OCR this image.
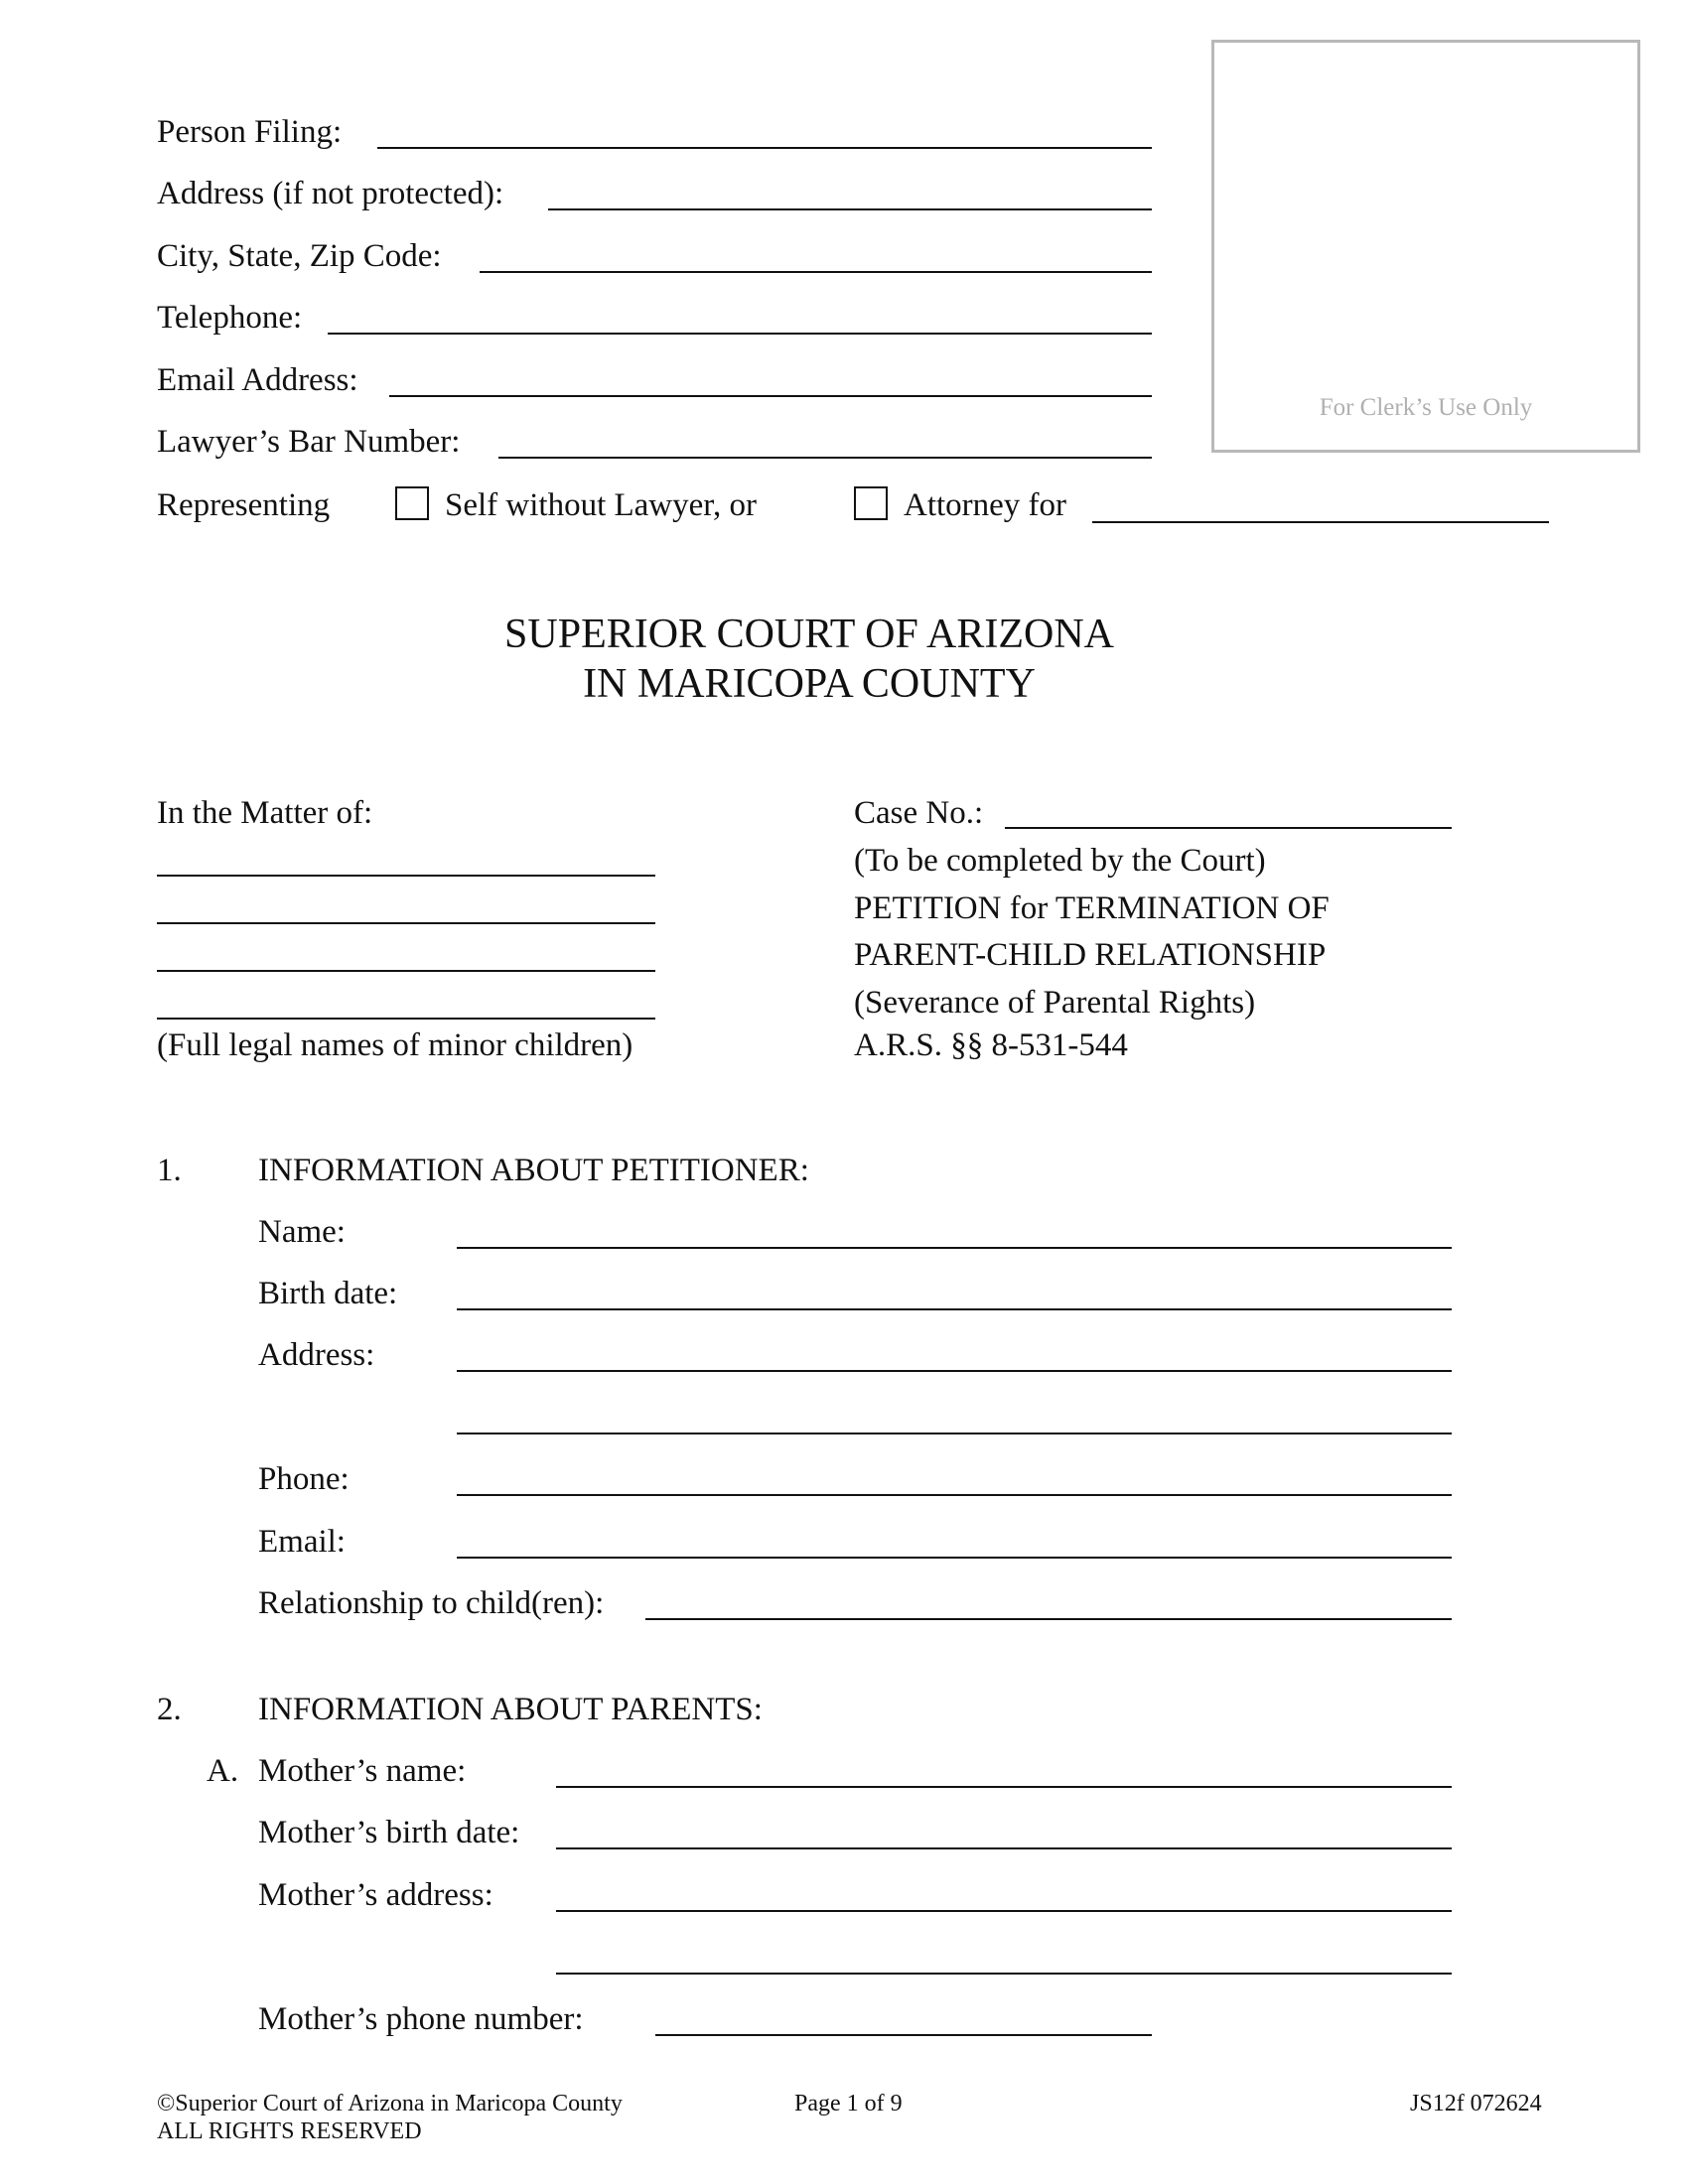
Person Filing:
Address (if not protected):
City, State, Zip Code:
Telephone:
Email Address:
Lawyer’s Bar Number:
Representing	Self without Lawyer, or	Attorney for
For Clerk’s Use Only
SUPERIOR COURT OF ARIZONA
IN MARICOPA COUNTY
In the Matter of:
(Full legal names of minor children)
Case No.:
(To be completed by the Court)
PETITION for TERMINATION OF
PARENT-CHILD RELATIONSHIP
(Severance of Parental Rights)
A.R.S. §§ 8-531-544
1. INFORMATION ABOUT PETITIONER:
Name:
Birth date:
Address:
Phone:
Email:
Relationship to child(ren):
2. INFORMATION ABOUT PARENTS:
A. Mother’s name:
Mother’s birth date:
Mother’s address:
Mother’s phone number:
©Superior Court of Arizona in Maricopa County
ALL RIGHTS RESERVED
Page 1 of 9	JS12f 072624
